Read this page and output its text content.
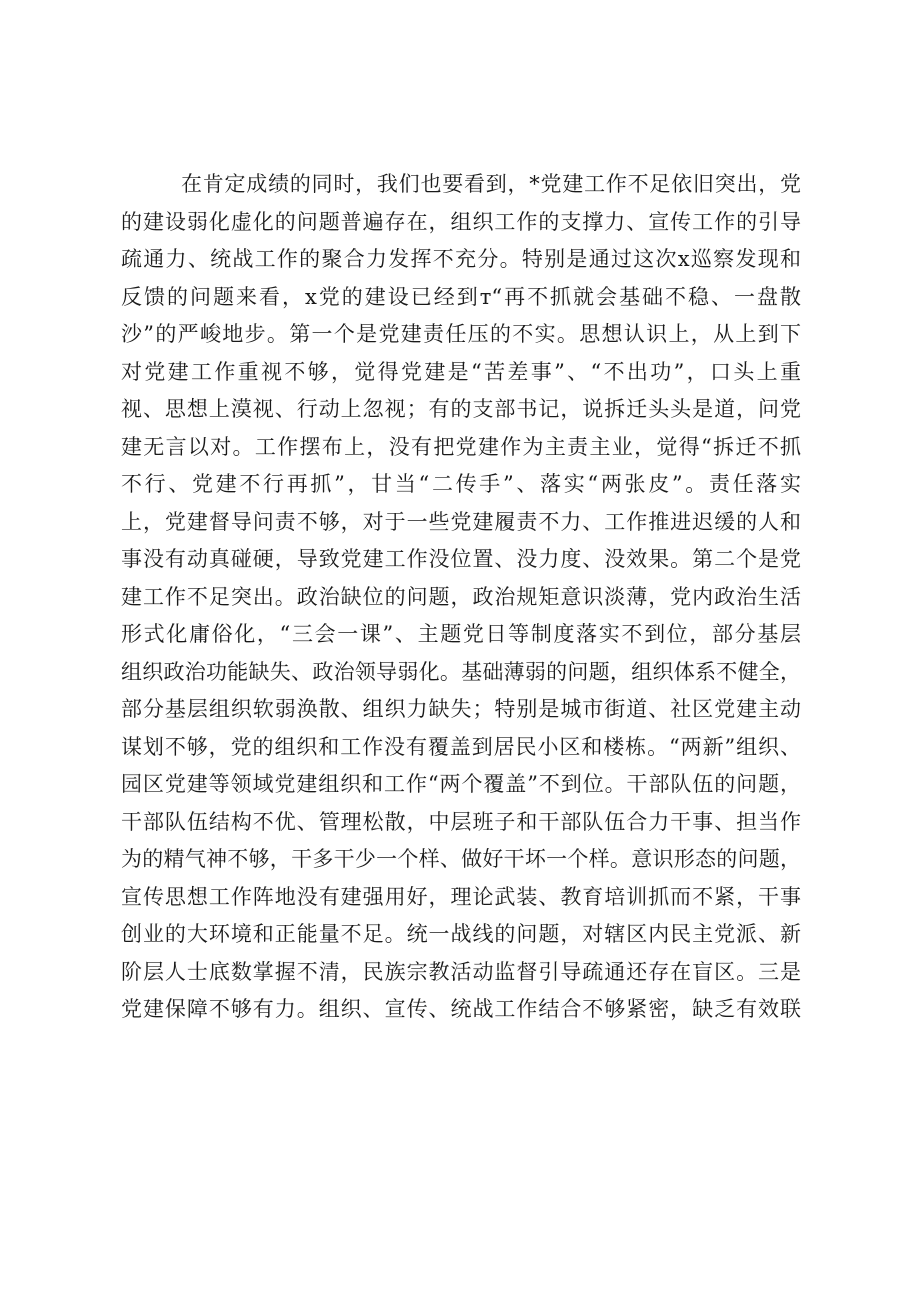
在肯定成绩的同时，我们也要看到，*党建工作不足依旧突出，党
的建设弱化虚化的问题普遍存在，组织工作的支撑力、宣传工作的引导
疏通力、统战工作的聚合力发挥不充分。特别是通过这次x巡察发现和
反馈的问题来看，x党的建设已经到т“再不抓就会基础不稳、一盘散
沙”的严峻地步。第一个是党建责任压的不实。思想认识上，从上到下
对党建工作重视不够，觉得党建是“苦差事”、“不出功”，口头上重
视、思想上漠视、行动上忽视；有的支部书记，说拆迁头头是道，问党
建无言以对。工作摆布上，没有把党建作为主责主业，觉得“拆迁不抓
不行、党建不行再抓”，甘当“二传手”、落实“两张皮”。责任落实
上，党建督导问责不够，对于一些党建履责不力、工作推进迟缓的人和
事没有动真碰硬，导致党建工作没位置、没力度、没效果。第二个是党
建工作不足突出。政治缺位的问题，政治规矩意识淡薄，党内政治生活
形式化庸俗化，“三会一课”、主题党日等制度落实不到位，部分基层
组织政治功能缺失、政治领导弱化。基础薄弱的问题，组织体系不健全，
部分基层组织软弱涣散、组织力缺失；特别是城市街道、社区党建主动
谋划不够，党的组织和工作没有覆盖到居民小区和楼栋。“两新”组织、
园区党建等领域党建组织和工作“两个覆盖”不到位。干部队伍的问题，
干部队伍结构不优、管理松散，中层班子和干部队伍合力干事、担当作
为的精气神不够，干多干少一个样、做好干坏一个样。意识形态的问题，
宣传思想工作阵地没有建强用好，理论武装、教育培训抓而不紧，干事
创业的大环境和正能量不足。统一战线的问题，对辖区内民主党派、新
阶层人士底数掌握不清，民族宗教活动监督引导疏通还存在盲区。三是
党建保障不够有力。组织、宣传、统战工作结合不够紧密，缺乏有效联
